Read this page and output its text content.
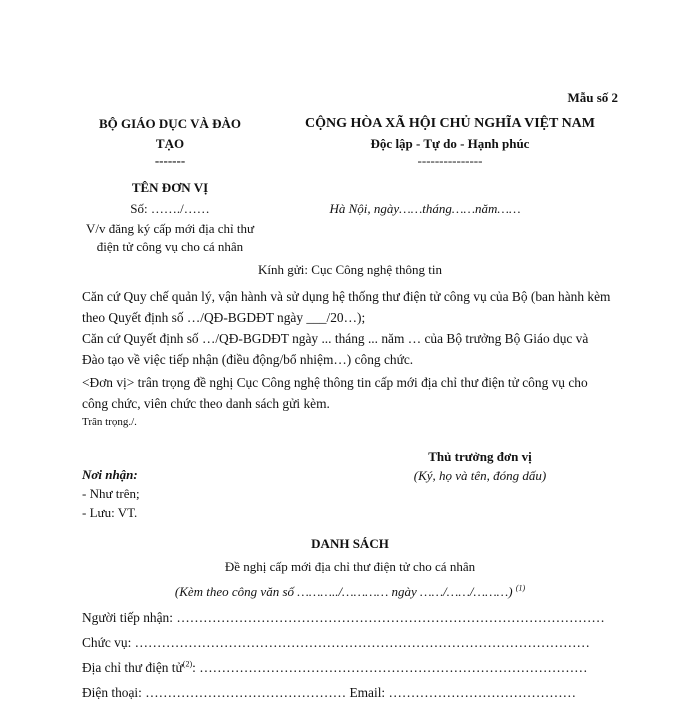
Mẫu số 2
BỘ GIÁO DỤC VÀ ĐÀO
TẠO
-------
TÊN ĐƠN VỊ
CỘNG HÒA XÃ HỘI CHỦ NGHĨA VIỆT NAM
Độc lập - Tự do - Hạnh phúc
---------------
Số: ……./……
V/v đăng ký cấp mới địa chỉ thư
điện tử công vụ cho cá nhân
Hà Nội, ngày……tháng……năm……
Kính gửi: Cục Công nghệ thông tin
Căn cứ Quy chế quản lý, vận hành và sử dụng hệ thống thư điện tử công vụ của Bộ (ban hành kèm theo Quyết định số …/QĐ-BGDĐT ngày ___/20…);
Căn cứ Quyết định số …/QĐ-BGDĐT ngày ... tháng ... năm … của Bộ trưởng Bộ Giáo dục và Đào tạo về việc tiếp nhận (điều động/bổ nhiệm…) công chức.
<Đơn vị> trân trọng đề nghị Cục Công nghệ thông tin cấp mới địa chỉ thư điện tử công vụ cho công chức, viên chức theo danh sách gửi kèm.
Trân trọng./.
Thủ trưởng đơn vị
(Ký, họ và tên, đóng dấu)
Nơi nhận:
- Như trên;
- Lưu: VT.
DANH SÁCH
Đề nghị cấp mới địa chỉ thư điện tử cho cá nhân
(Kèm theo công văn số ………../………… ngày ……/……/………) $^{(1)}$
Người tiếp nhận: ……………………………………………………………………………………
Chức vụ: …………………………………………………………………………………………
Địa chỉ thư điện tử$^{(2)}$: ……………………………………………………………………………
Điện thoại: ……………………………………… Email: ……………………………………
